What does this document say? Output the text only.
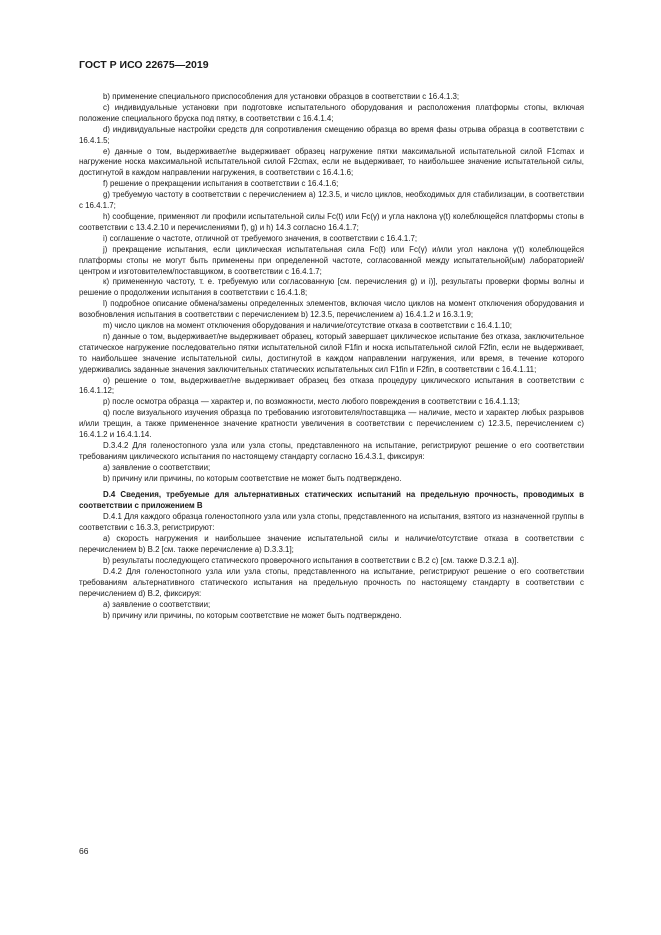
ГОСТ Р ИСО 22675—2019

b) применение специального приспособления для установки образцов в соответствии с 16.4.1.3;

с) индивидуальные установки при подготовке испытательного оборудования и расположения платформы стопы, включая положение специального бруска под пятку, в соответствии с 16.4.1.4;

d) индивидуальные настройки средств для сопротивления смещению образца во время фазы отрыва образца в соответствии с 16.4.1.5;

е) данные о том, выдерживает/не выдерживает образец нагружение пятки максимальной испытательной силой F1cmax и нагружение носка максимальной испытательной силой F2cmax, если не выдерживает, то наибольшее значение испытательной силы, достигнутой в каждом направлении нагружения, в соответствии с 16.4.1.6;

f) решение о прекращении испытания в соответствии с 16.4.1.6;

g) требуемую частоту в соответствии с перечислением а) 12.3.5, и число циклов, необходимых для стабилизации, в соответствии с 16.4.1.7;

h) сообщение, применяют ли профили испытательной силы Fc(t) или Fc(γ) и угла наклона γ(t) колеблющейся платформы стопы в соответствии с 13.4.2.10 и перечислениями f), g) и h) 14.3 согласно 16.4.1.7;

i) соглашение о частоте, отличной от требуемого значения, в соответствии с 16.4.1.7;

j) прекращение испытания, если циклическая испытательная сила Fc(t) или Fc(γ) и/или угол наклона γ(t) колеблющейся платформы стопы не могут быть применены при определенной частоте, согласованной между испытательной(ым) лабораторией/центром и изготовителем/поставщиком, в соответствии с 16.4.1.7;

к) примененную частоту, т. е. требуемую или согласованную [см. перечисления g) и i)], результаты проверки формы волны и решение о продолжении испытания в соответствии с 16.4.1.8;

l) подробное описание обмена/замены определенных элементов, включая число циклов на момент отключения оборудования и возобновления испытания в соответствии с перечислением b) 12.3.5, перечислением а) 16.4.1.2 и 16.3.1.9;

m) число циклов на момент отключения оборудования и наличие/отсутствие отказа в соответствии с 16.4.1.10;

n) данные о том, выдерживает/не выдерживает образец, который завершает циклическое испытание без отказа, заключительное статическое нагружение последовательно пятки испытательной силой F1fin и носка испытательной силой F2fin, если не выдерживает, то наибольшее значение испытательной силы, достигнутой в каждом направлении нагружения, или время, в течение которого удерживались заданные значения заключительных статических испытательных сил F1fin и F2fin, в соответствии с 16.4.1.11;

о) решение о том, выдерживает/не выдерживает образец без отказа процедуру циклического испытания в соответствии с 16.4.1.12;

р) после осмотра образца — характер и, по возможности, место любого повреждения в соответствии с 16.4.1.13;

q) после визуального изучения образца по требованию изготовителя/поставщика — наличие, место и характер любых разрывов и/или трещин, а также примененное значение кратности увеличения в соответствии с перечислением с) 12.3.5, перечислением с) 16.4.1.2 и 16.4.1.14.

D.3.4.2 Для голеностопного узла или узла стопы, представленного на испытание, регистрируют решение о его соответствии требованиям циклического испытания по настоящему стандарту согласно 16.4.3.1, фиксируя:

а) заявление о соответствии;

b) причину или причины, по которым соответствие не может быть подтверждено.

D.4 Сведения, требуемые для альтернативных статических испытаний на предельную прочность, проводимых в соответствии с приложением В

D.4.1 Для каждого образца голеностопного узла или узла стопы, представленного на испытания, взятого из назначенной группы в соответствии с 16.3.3, регистрируют:

а) скорость нагружения и наибольшее значение испытательной силы и наличие/отсутствие отказа в соответствии с перечислением b) В.2 [см. также перечисление а) D.3.3.1];

b) результаты последующего статического проверочного испытания в соответствии с В.2 с) [см. также D.3.2.1 а)].

D.4.2 Для голеностопного узла или узла стопы, представленного на испытание, регистрируют решение о его соответствии требованиям альтернативного статического испытания на предельную прочность по настоящему стандарту в соответствии с перечислением d) В.2, фиксируя:

а) заявление о соответствии;

b) причину или причины, по которым соответствие не может быть подтверждено.

66
